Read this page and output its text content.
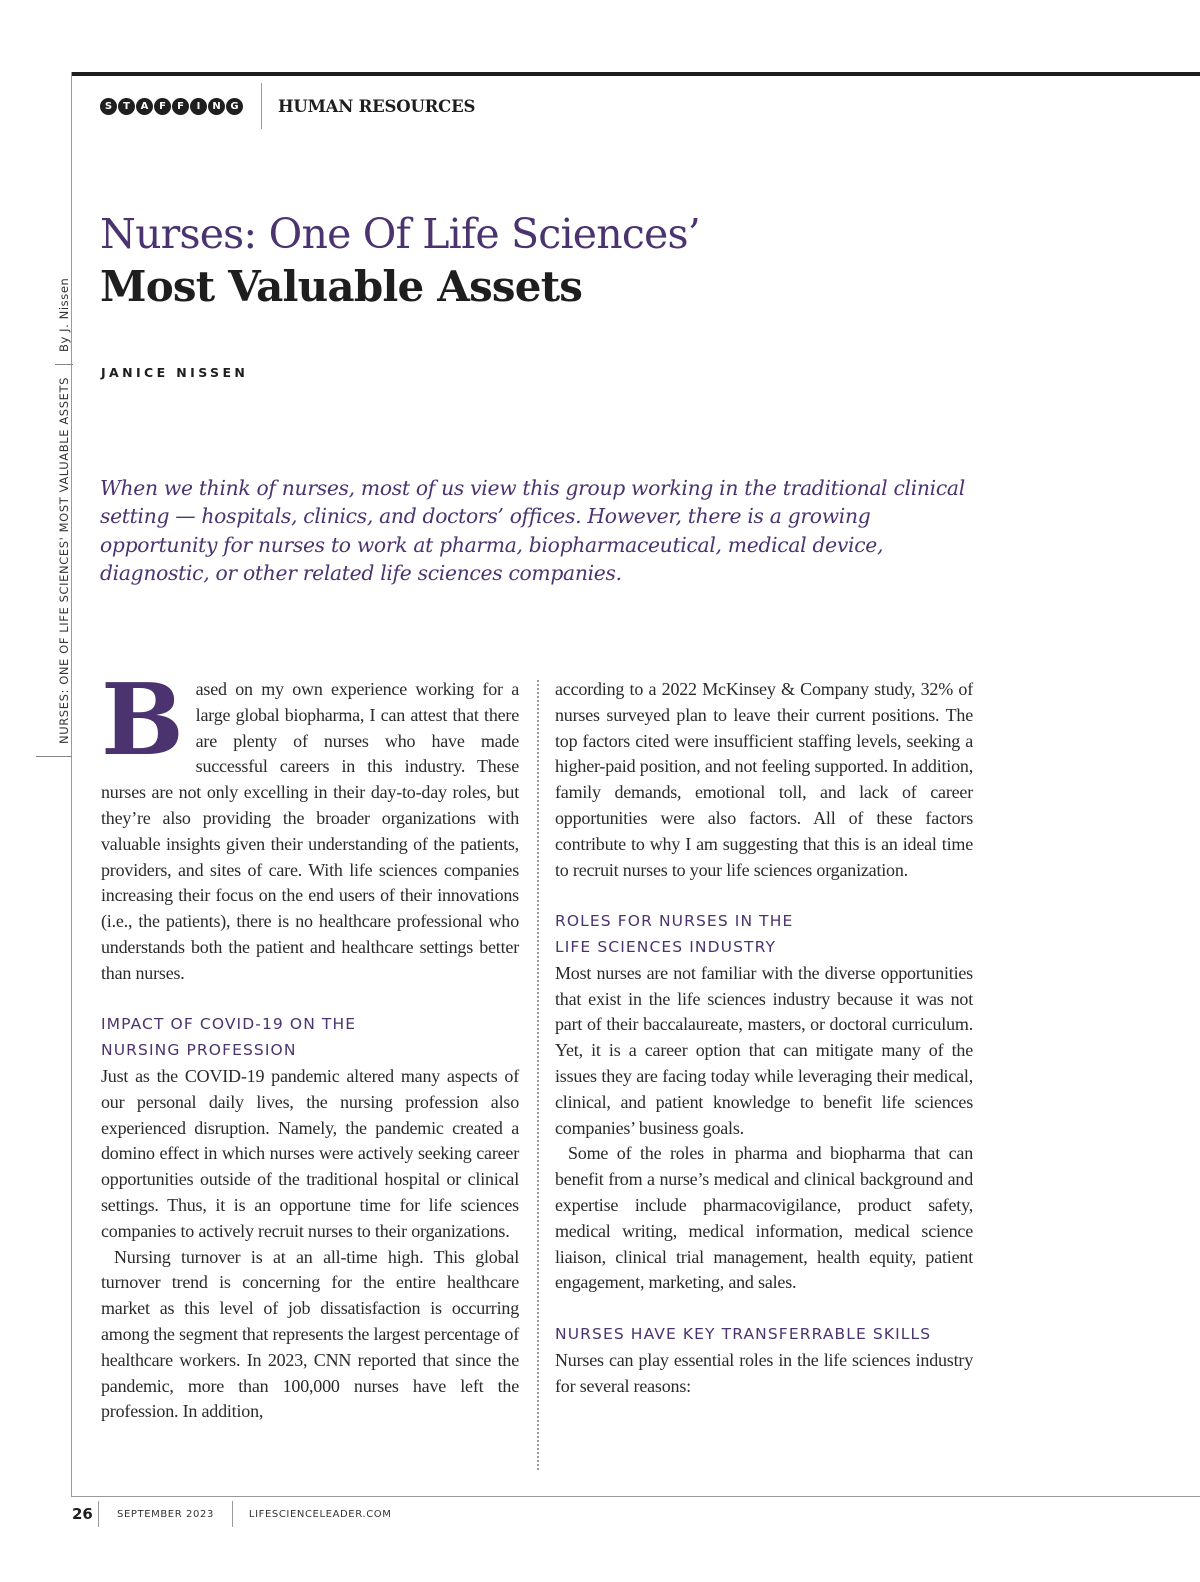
NURSES: ONE OF LIFE SCIENCES' MOST VALUABLE ASSETS
By J. Nissen
S	T	A	F	F	I	N G HUMAN RESOURCES
Nurses: One Of Life Sciences’
Most Valuable Assets
JANICE NISSEN
When we think of nurses, most of us view this group working in the traditional clinical setting — hospitals, clinics, and doctors’ offices. However, there is a growing opportunity for nurses to work at pharma, biopharmaceutical, medical device, diagnostic, or other related life sciences companies.

Based on my own experience working for a large global biopharma, I can attest that there are plenty of nurses who have made successful careers in this industry. These nurses are not only excelling in their day-to-day roles, but they’re also providing the broader organizations with valuable insights given their understanding of the patients, providers, and sites of care. With life sciences companies increasing their focus on the end users of their innovations (i.e., the patients), there is no healthcare professional who understands both the patient and healthcare settings better than nurses.

IMPACT OF COVID-19 ON THE
NURSING PROFESSION

Just as the COVID-19 pandemic altered many aspects of our personal daily lives, the nursing profession also experienced disruption. Namely, the pandemic created a domino effect in which nurses were actively seeking career opportunities outside of the traditional hospital or clinical settings. Thus, it is an opportune time for life sciences companies to actively recruit nurses to their organizations.

Nursing turnover is at an all-time high. This global turnover trend is concerning for the entire healthcare market as this level of job dissatisfaction is occurring among the segment that represents the largest percentage of healthcare workers. In 2023, CNN reported that since the pandemic, more than 100,000 nurses have left the profession. In addition,

according to a 2022 McKinsey & Company study, 32% of nurses surveyed plan to leave their current positions. The top factors cited were insufficient staffing levels, seeking a higher-paid position, and not feeling supported. In addition, family demands, emotional toll, and lack of career opportunities were also factors. All of these factors contribute to why I am suggesting that this is an ideal time to recruit nurses to your life sciences organization.

ROLES FOR NURSES IN THE
LIFE SCIENCES INDUSTRY

Most nurses are not familiar with the diverse opportunities that exist in the life sciences industry because it was not part of their baccalaureate, masters, or doctoral curriculum. Yet, it is a career option that can mitigate many of the issues they are facing today while leveraging their medical, clinical, and patient knowledge to benefit life sciences companies’ business goals.

Some of the roles in pharma and biopharma that can benefit from a nurse’s medical and clinical background and expertise include pharmacovigilance, product safety, medical writing, medical information, medical science liaison, clinical trial management, health equity, patient engagement, marketing, and sales.

NURSES HAVE KEY TRANSFERRABLE SKILLS

Nurses can play essential roles in the life sciences industry for several reasons:

26	SEPTEMBER 2023	LIFESCIENCELEADER.COM
